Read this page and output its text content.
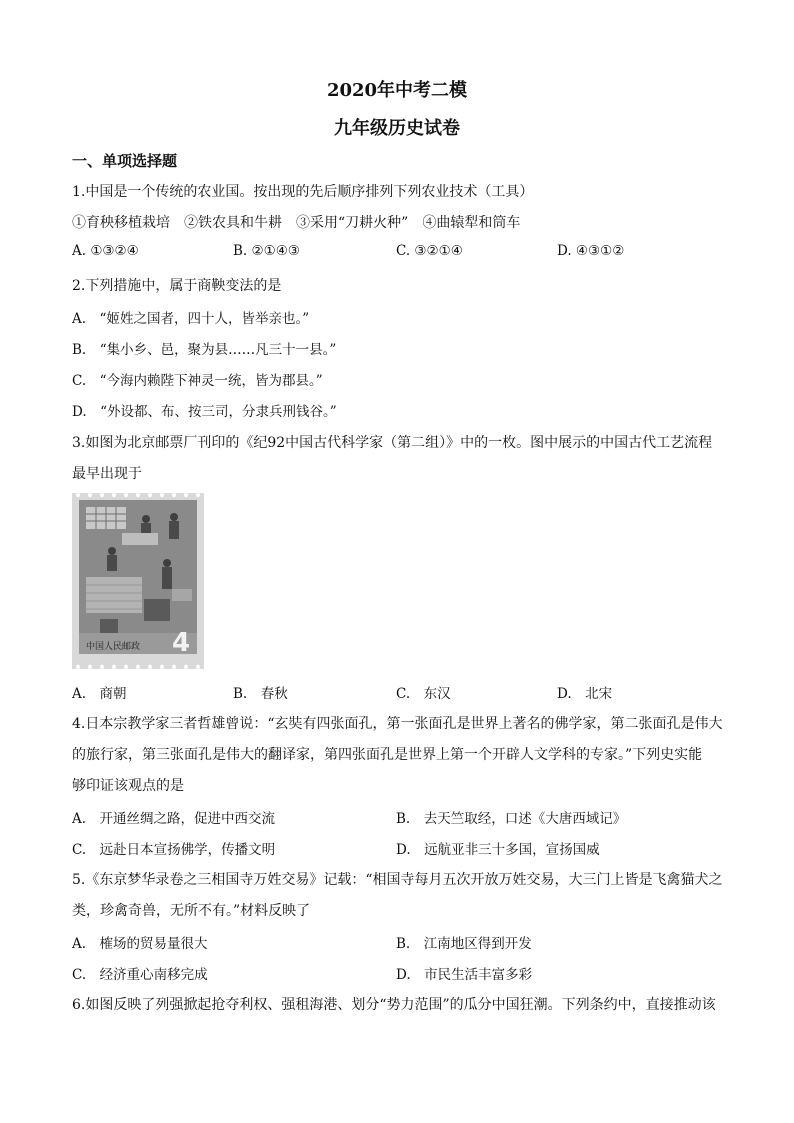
2020年中考二模
九年级历史试卷
一、单项选择题
1.中国是一个传统的农业国。按出现的先后顺序排列下列农业技术（工具）
①育秧移植栽培　②铁农具和牛耕　③采用“刀耕火种”　④曲辕犁和筒车
A. ①③②④	B. ②①④③	C. ③②①④	D. ④③①②
2.下列措施中，属于商鞅变法的是
A.　“姬姓之国者，四十人，皆举亲也。”
B.　“集小乡、邑，聚为县……凡三十一县。”
C.　“今海内赖陛下神灵一统，皆为郡县。”
D.　“外设都、布、按三司，分隶兵刑钱谷。”
3.如图为北京邮票厂刊印的《纪92中国古代科学家（第二组）》中的一枚。图中展示的中国古代工艺流程
最早出现于
中国人民邮政 4
A.　商朝	B.　春秋	C.　东汉	D.　北宋
4.日本宗教学家三者哲雄曾说：“玄奘有四张面孔，第一张面孔是世界上著名的佛学家，第二张面孔是伟大
的旅行家，第三张面孔是伟大的翻译家，第四张面孔是世界上第一个开辟人文学科的专家。”下列史实能
够印证该观点的是
A.　开通丝绸之路，促进中西交流	B.　去天竺取经，口述《大唐西域记》
C.　远赴日本宣扬佛学，传播文明	D.　远航亚非三十多国，宣扬国威
5.《东京梦华录卷之三相国寺万姓交易》记载：“相国寺每月五次开放万姓交易，大三门上皆是飞禽猫犬之
类，珍禽奇兽，无所不有。”材料反映了
A.　榷场的贸易量很大	B.　江南地区得到开发
C.　经济重心南移完成	D.　市民生活丰富多彩
6.如图反映了列强掀起抢夺利权、强租海港、划分“势力范围”的瓜分中国狂潮。下列条约中，直接推动该
